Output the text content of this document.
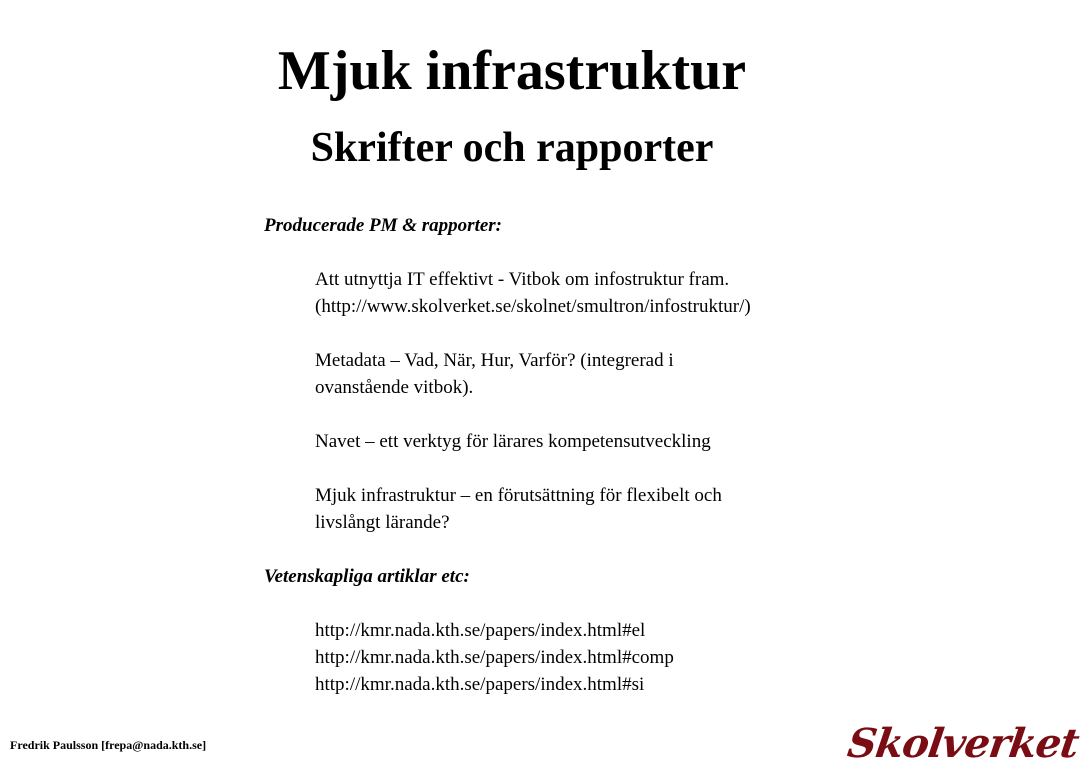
Mjuk infrastruktur
Skrifter och rapporter

Producerade PM & rapporter:

Att utnyttja IT effektivt - Vitbok om infostruktur fram.
(http://www.skolverket.se/skolnet/smultron/infostruktur/)

Metadata – Vad, När, Hur, Varför? (integrerad i
ovanstående vitbok).

Navet – ett verktyg för lärares kompetensutveckling

Mjuk infrastruktur – en förutsättning för flexibelt och
livslångt lärande?

Vetenskapliga artiklar etc:

http://kmr.nada.kth.se/papers/index.html#el

http://kmr.nada.kth.se/papers/index.html#comp

http://kmr.nada.kth.se/papers/index.html#si

Fredrik Paulsson [frepa@nada.kth.se]	Skolverket
